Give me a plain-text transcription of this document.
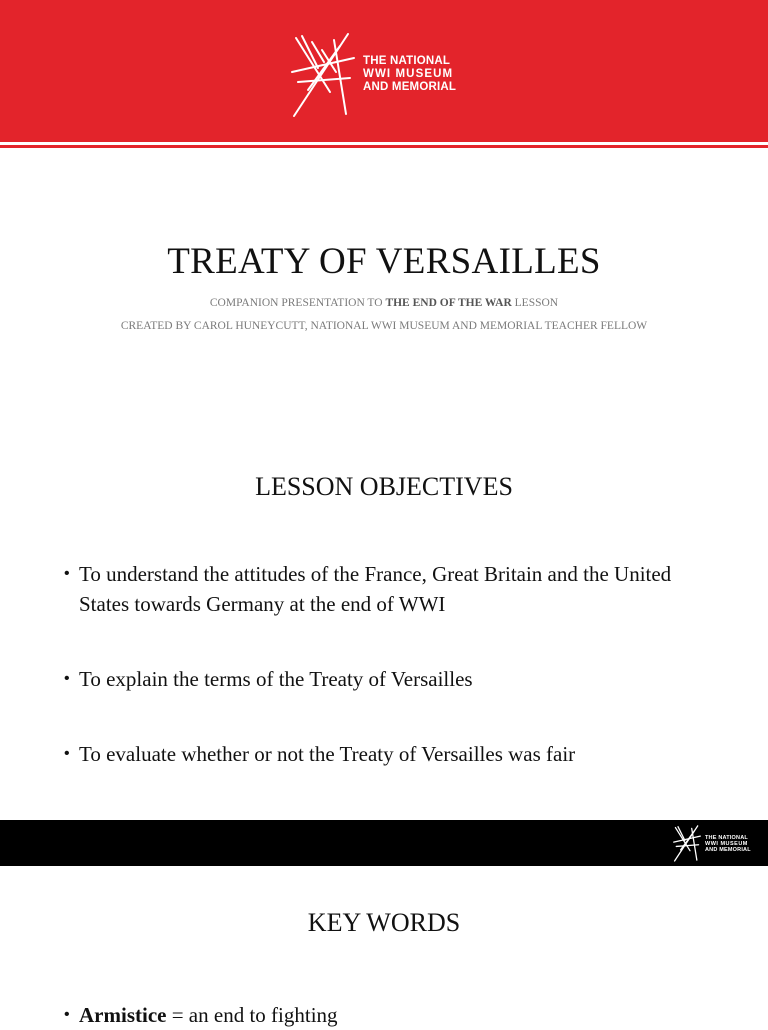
THE NATIONAL
WWI MUSEUM
AND MEMORIAL
TREATY OF VERSAILLES
COMPANION PRESENTATION TO THE END OF THE WAR LESSON
CREATED BY CAROL HUNEYCUTT, NATIONAL WWI MUSEUM AND MEMORIAL TEACHER FELLOW
LESSON OBJECTIVES
• To understand the attitudes of the France, Great Britain and the United States towards Germany at the end of WWI
• To explain the terms of the Treaty of Versailles
• To evaluate whether or not the Treaty of Versailles was fair
THE NATIONAL
WWI MUSEUM
AND MEMORIAL
KEY WORDS
• Armistice = an end to fighting
